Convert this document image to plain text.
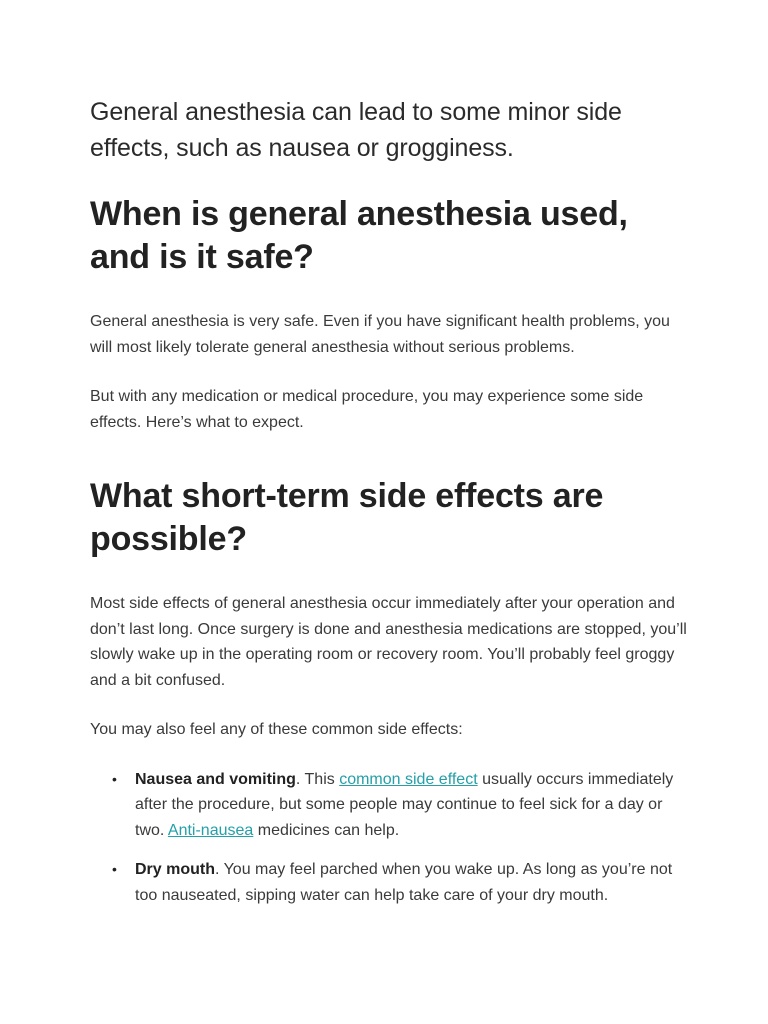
General anesthesia can lead to some minor side effects, such as nausea or grogginess.

When is general anesthesia used, and is it safe?

General anesthesia is very safe. Even if you have significant health problems, you will most likely tolerate general anesthesia without serious problems.

But with any medication or medical procedure, you may experience some side effects. Here’s what to expect.

What short-term side effects are possible?

Most side effects of general anesthesia occur immediately after your operation and don’t last long. Once surgery is done and anesthesia medications are stopped, you’ll slowly wake up in the operating room or recovery room. You’ll probably feel groggy and a bit confused.

You may also feel any of these common side effects:

• Nausea and vomiting. This common side effect usually occurs immediately after the procedure, but some people may continue to feel sick for a day or two. Anti-nausea medicines can help.
• Dry mouth. You may feel parched when you wake up. As long as you’re not too nauseated, sipping water can help take care of your dry mouth.
